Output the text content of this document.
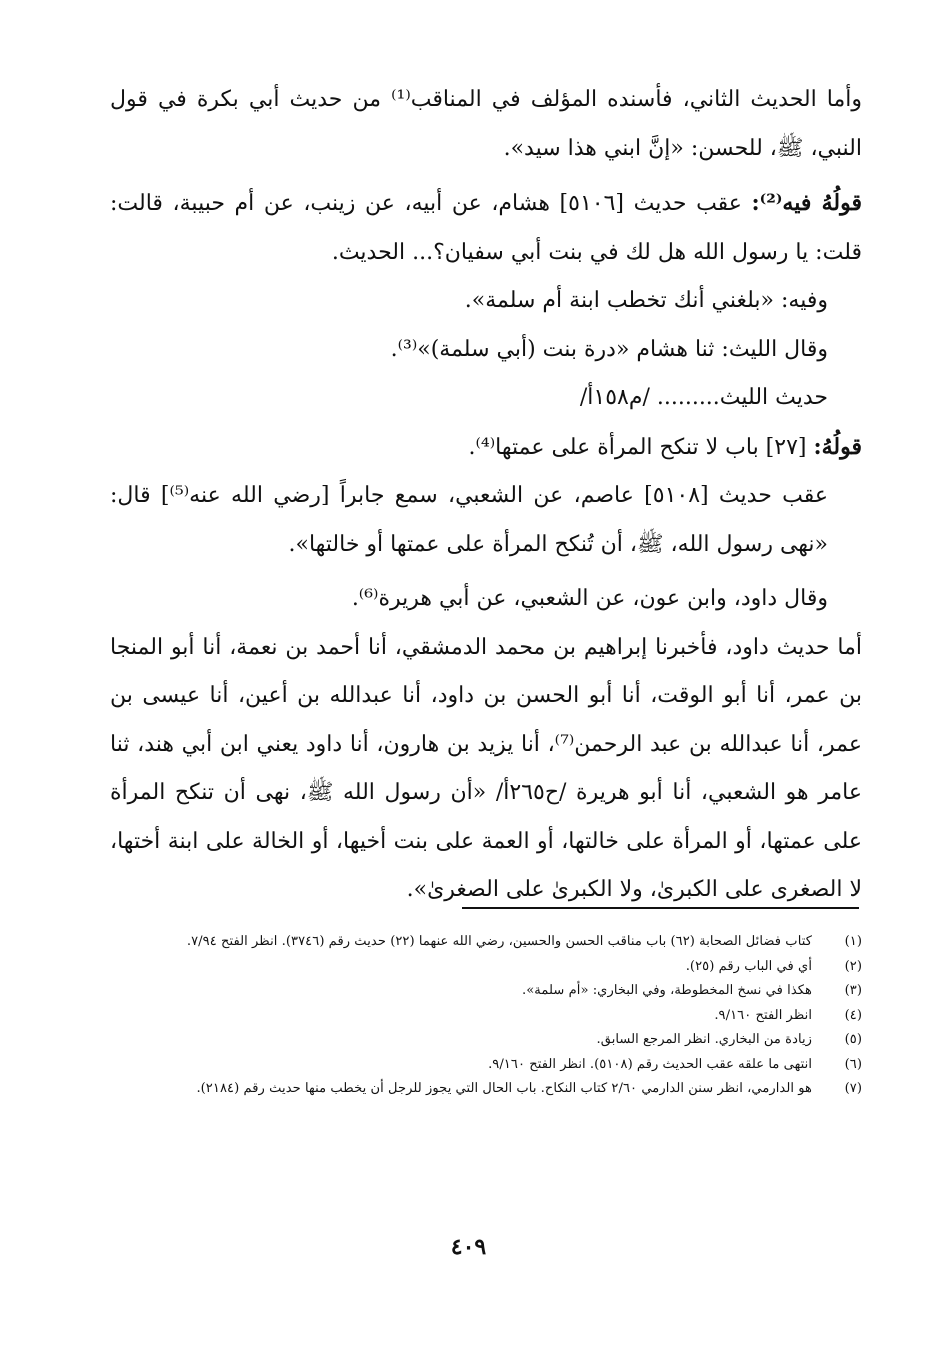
وأما الحديث الثاني، فأسنده المؤلف في المناقب⁽¹⁾ من حديث أبي بكرة في قول النبي، ﷺ، للحسن: «إنَّ ابني هذا سيد».

قولُهُ فيه⁽²⁾: عقب حديث [٥١٠٦] هشام، عن أبيه، عن زينب، عن أم حبيبة، قالت: قلت: يا رسول الله هل لك في بنت أبي سفيان؟... الحديث.

وفيه: «بلغني أنك تخطب ابنة أم سلمة».

وقال الليث: ثنا هشام «درة بنت (أبي سلمة)»⁽³⁾.

حديث الليث......... /م١٥٨أ/

قولُهُ: [٢٧] باب لا تنكح المرأة على عمتها⁽⁴⁾.

عقب حديث [٥١٠٨] عاصم، عن الشعبي، سمع جابراً [رضي الله عنه⁽⁵⁾] قال: «نهى رسول الله، ﷺ، أن تُنكح المرأة على عمتها أو خالتها».

وقال داود، وابن عون، عن الشعبي، عن أبي هريرة⁽⁶⁾.

أما حديث داود، فأخبرنا إبراهيم بن محمد الدمشقي، أنا أحمد بن نعمة، أنا أبو المنجا بن عمر، أنا أبو الوقت، أنا أبو الحسن بن داود، أنا عبدالله بن أعين، أنا عيسى بن عمر، أنا عبدالله بن عبد الرحمن⁽⁷⁾، أنا يزيد بن هارون، أنا داود يعني ابن أبي هند، ثنا عامر هو الشعبي، أنا أبو هريرة /ح٢٦٥أ/ «أن رسول الله ﷺ، نهى أن تنكح المرأة على عمتها، أو المرأة على خالتها، أو العمة على بنت أخيها، أو الخالة على ابنة أختها، لا الصغرى على الكبرىٰ، ولا الكبرىٰ على الصغرىٰ».

(١)
كتاب فضائل الصحابة (٦٢) باب مناقب الحسن والحسين، رضي الله عنهما (٢٢) حديث رقم (٣٧٤٦). انظر الفتح ٧/٩٤.
(٢)
أي في الباب رقم (٢٥).
(٣)
هكذا في نسخ المخطوطة، وفي البخاري: «أم سلمة».
(٤)
انظر الفتح ٩/١٦٠.
(٥)
زيادة من البخاري. انظر المرجع السابق.
(٦)
انتهى ما علقه عقب الحديث رقم (٥١٠٨). انظر الفتح ٩/١٦٠.
(٧)
هو الدارمي، انظر سنن الدارمي ٢/٦٠ كتاب النكاح. باب الحال التي يجوز للرجل أن يخطب منها حديث رقم (٢١٨٤).
٤٠٩
